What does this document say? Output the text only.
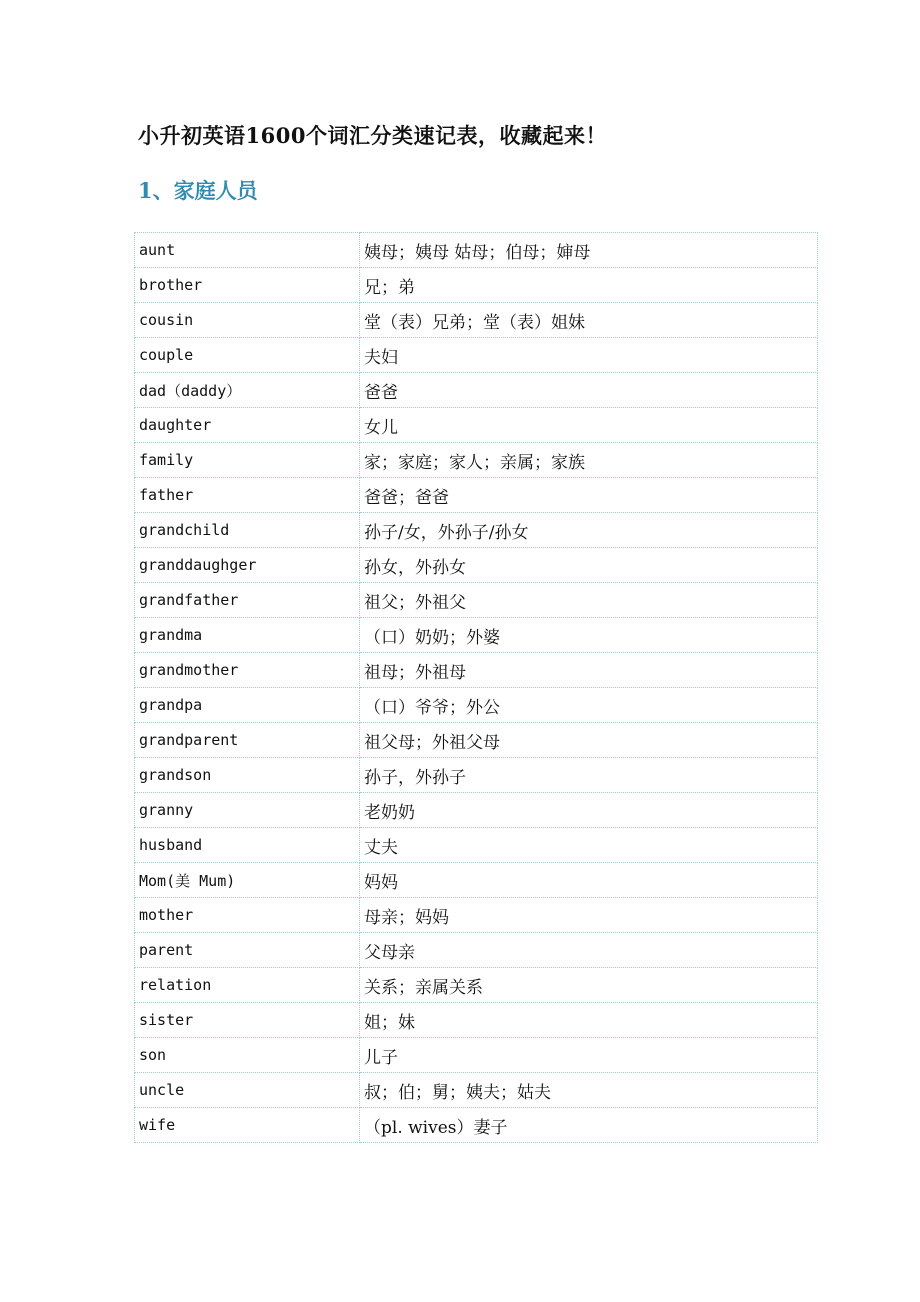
小升初英语1600个词汇分类速记表，收藏起来！
1、家庭人员
aunt	姨母；姨母 姑母；伯母；婶母
brother	兄；弟
cousin	堂（表）兄弟；堂（表）姐妹
couple	夫妇
dad（daddy）	爸爸
daughter	女儿
family	家；家庭；家人；亲属；家族
father	爸爸；爸爸
grandchild	孙子/女，外孙子/孙女
granddaughger	孙女，外孙女
grandfather	祖父；外祖父
grandma	（口）奶奶；外婆
grandmother	祖母；外祖母
grandpa	（口）爷爷；外公
grandparent	祖父母；外祖父母
grandson	孙子，外孙子
granny	老奶奶
husband	丈夫
Mom(美 Mum)	妈妈
mother	母亲；妈妈
parent	父母亲
relation	关系；亲属关系
sister	姐；妹
son	儿子
uncle	叔；伯；舅；姨夫；姑夫
wife	（pl. wives）妻子
